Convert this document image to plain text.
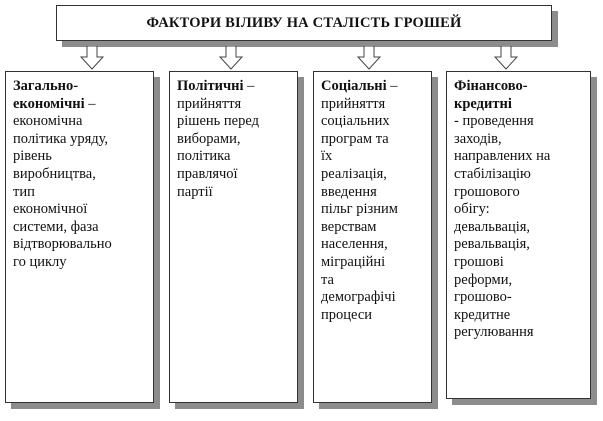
ФАКТОРИ ВІЛИВУ НА СТАЛІСТЬ ГРОШЕЙ
Загально-
економічні –
економічна
політика уряду,
рівень
виробництва,
тип
економічної
системи, фаза
відтворювально
го циклу
Політичні –
прийняття
рішень перед
виборами,
політика
правлячої
партії
Соціальні –
прийняття
соціальних
програм та
їх
реалізація,
введення
пільг різним
верствам
населення,
міграційні
та
демографічі
процеси
Фінансово-
кредитні
- проведення
заходів,
направлених на
стабілізацію
грошового
обігу:
девальвація,
ревальвація,
грошові
реформи,
грошово-
кредитне
регулювання
